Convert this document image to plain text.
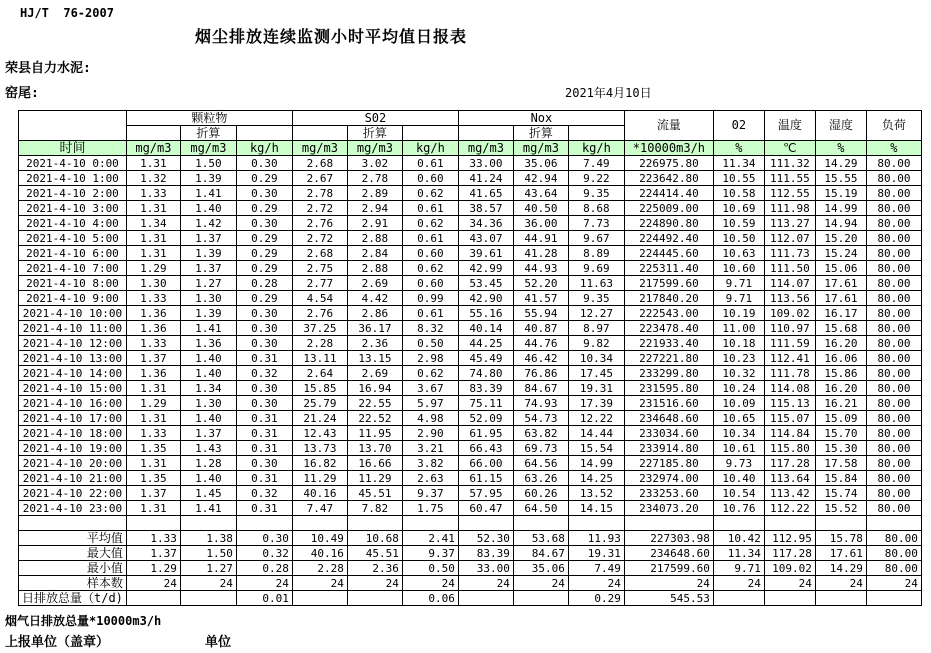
HJ/T  76-2007
烟尘排放连续监测小时平均值日报表
荣县自力水泥:
窑尾:	2021年4月10日
	颗粒物			S02			Nox			流量	02	温度	湿度	负荷
		折算			折算			折算						
时间	mg/m3	mg/m3	kg/h	mg/m3	mg/m3	kg/h	mg/m3	mg/m3	kg/h	*10000m3/h	%	℃	%	%
2021-4-10 0:00	1.31	1.50	0.30	2.68	3.02	0.61	33.00	35.06	7.49	226975.80	11.34	111.32	14.29	80.00
2021-4-10 1:00	1.32	1.39	0.29	2.67	2.78	0.60	41.24	42.94	9.22	223642.80	10.55	111.55	15.55	80.00
2021-4-10 2:00	1.33	1.41	0.30	2.78	2.89	0.62	41.65	43.64	9.35	224414.40	10.58	112.55	15.19	80.00
2021-4-10 3:00	1.31	1.40	0.29	2.72	2.94	0.61	38.57	40.50	8.68	225009.00	10.69	111.98	14.99	80.00
2021-4-10 4:00	1.34	1.42	0.30	2.76	2.91	0.62	34.36	36.00	7.73	224890.80	10.59	113.27	14.94	80.00
2021-4-10 5:00	1.31	1.37	0.29	2.72	2.88	0.61	43.07	44.91	9.67	224492.40	10.50	112.07	15.20	80.00
2021-4-10 6:00	1.31	1.39	0.29	2.68	2.84	0.60	39.61	41.28	8.89	224445.60	10.63	111.73	15.24	80.00
2021-4-10 7:00	1.29	1.37	0.29	2.75	2.88	0.62	42.99	44.93	9.69	225311.40	10.60	111.50	15.06	80.00
2021-4-10 8:00	1.30	1.27	0.28	2.77	2.69	0.60	53.45	52.20	11.63	217599.60	9.71	114.07	17.61	80.00
2021-4-10 9:00	1.33	1.30	0.29	4.54	4.42	0.99	42.90	41.57	9.35	217840.20	9.71	113.56	17.61	80.00
2021-4-10 10:00	1.36	1.39	0.30	2.76	2.86	0.61	55.16	55.94	12.27	222543.00	10.19	109.02	16.17	80.00
2021-4-10 11:00	1.36	1.41	0.30	37.25	36.17	8.32	40.14	40.87	8.97	223478.40	11.00	110.97	15.68	80.00
2021-4-10 12:00	1.33	1.36	0.30	2.28	2.36	0.50	44.25	44.76	9.82	221933.40	10.18	111.59	16.20	80.00
2021-4-10 13:00	1.37	1.40	0.31	13.11	13.15	2.98	45.49	46.42	10.34	227221.80	10.23	112.41	16.06	80.00
2021-4-10 14:00	1.36	1.40	0.32	2.64	2.69	0.62	74.80	76.86	17.45	233299.80	10.32	111.78	15.86	80.00
2021-4-10 15:00	1.31	1.34	0.30	15.85	16.94	3.67	83.39	84.67	19.31	231595.80	10.24	114.08	16.20	80.00
2021-4-10 16:00	1.29	1.30	0.30	25.79	22.55	5.97	75.11	74.93	17.39	231516.60	10.09	115.13	16.21	80.00
2021-4-10 17:00	1.31	1.40	0.31	21.24	22.52	4.98	52.09	54.73	12.22	234648.60	10.65	115.07	15.09	80.00
2021-4-10 18:00	1.33	1.37	0.31	12.43	11.95	2.90	61.95	63.82	14.44	233034.60	10.34	114.84	15.70	80.00
2021-4-10 19:00	1.35	1.43	0.31	13.73	13.70	3.21	66.43	69.73	15.54	233914.80	10.61	115.80	15.30	80.00
2021-4-10 20:00	1.31	1.28	0.30	16.82	16.66	3.82	66.00	64.56	14.99	227185.80	9.73	117.28	17.58	80.00
2021-4-10 21:00	1.35	1.40	0.31	11.29	11.29	2.63	61.15	63.26	14.25	232974.00	10.40	113.64	15.84	80.00
2021-4-10 22:00	1.37	1.45	0.32	40.16	45.51	9.37	57.95	60.26	13.52	233253.60	10.54	113.42	15.74	80.00
2021-4-10 23:00	1.31	1.41	0.31	7.47	7.82	1.75	60.47	64.50	14.15	234073.20	10.76	112.22	15.52	80.00

平均值	1.33	1.38	0.30	10.49	10.68	2.41	52.30	53.68	11.93	227303.98	10.42	112.95	15.78	80.00
最大值	1.37	1.50	0.32	40.16	45.51	9.37	83.39	84.67	19.31	234648.60	11.34	117.28	17.61	80.00
最小值	1.29	1.27	0.28	2.28	2.36	0.50	33.00	35.06	7.49	217599.60	9.71	109.02	14.29	80.00
样本数	24	24	24	24	24	24	24	24	24	24	24	24	24	24
日排放总量（t/d)			0.01			0.06			0.29	545.53				
烟气日排放总量*10000m3/h
上报单位（盖章）	单位
